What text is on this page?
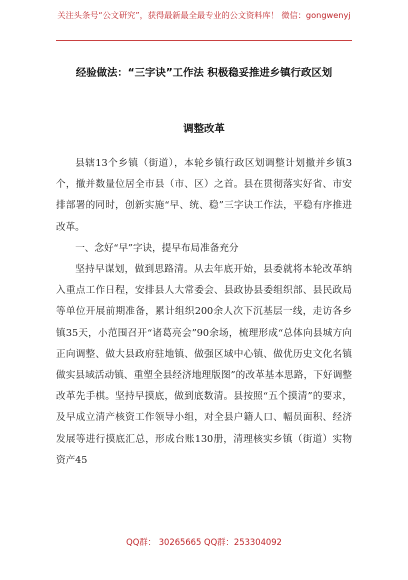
关注头条号“公文研究”，获得最新最全最专业的公文资料库！ 微信：gongwenyj
经验做法：“三字诀”工作法 积极稳妥推进乡镇行政区划
调整改革

县辖13个乡镇（街道），本轮乡镇行政区划调整计划撤并乡镇3个，撤并数量位居全市县（市、区）之首。县在贯彻落实好省、市安排部署的同时，创新实施“早、统、稳”三字诀工作法，平稳有序推进改革。

一、念好“早”字诀，提早布局准备充分

坚持早谋划，做到思路清。从去年底开始，县委就将本轮改革纳入重点工作日程，安排县人大常委会、县政协县委组织部、县民政局等单位开展前期准备，累计组织200余人次下沉基层一线，走访各乡镇35天，小范围召开“诸葛亮会”90余场，梳理形成“总体向县城方向正向调整、做大县政府驻地镇、做强区域中心镇、做优历史文化名镇做实县域活动镇、重塑全县经济地理版图”的改革基本思路，下好调整改革先手棋。坚持早摸底，做到底数清。县按照“五个摸清”的要求，及早成立清产核资工作领导小组，对全县户籍人口、幅员面积、经济发展等进行摸底汇总，形成台账130册，清理核实乡镇（街道）实物资产45

QQ群： 30265665 QQ群：253304092
